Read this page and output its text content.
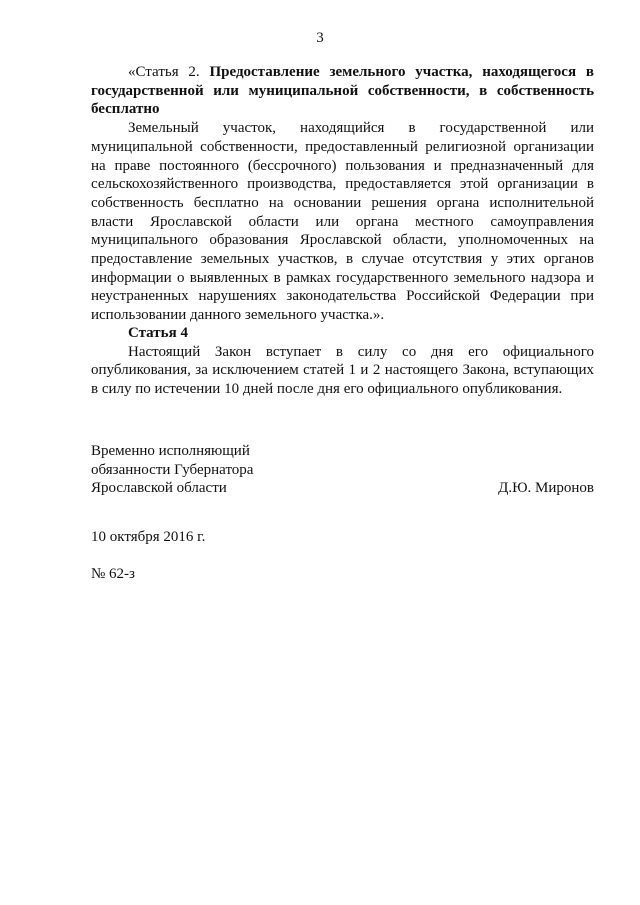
3

«Статья 2. Предоставление земельного участка, находящегося в государственной или муниципальной собственности, в собственность бесплатно

Земельный участок, находящийся в государственной или муниципальной собственности, предоставленный религиозной организации на праве постоянного (бессрочного) пользования и предназначенный для сельскохозяйственного производства, предоставляется этой организации в собственность бесплатно на основании решения органа исполнительной власти Ярославской области или органа местного самоуправления муниципального образования Ярославской области, уполномоченных на предоставление земельных участков, в случае отсутствия у этих органов информации о выявленных в рамках государственного земельного надзора и неустраненных нарушениях законодательства Российской Федерации при использовании данного земельного участка.».

Статья 4

Настоящий Закон вступает в силу со дня его официального опубликования, за исключением статей 1 и 2 настоящего Закона, вступающих в силу по истечении 10 дней после дня его официального опубликования.

Временно исполняющий
обязанности Губернатора
Ярославской области	Д.Ю. Миронов
10 октября 2016 г.
№ 62-з
